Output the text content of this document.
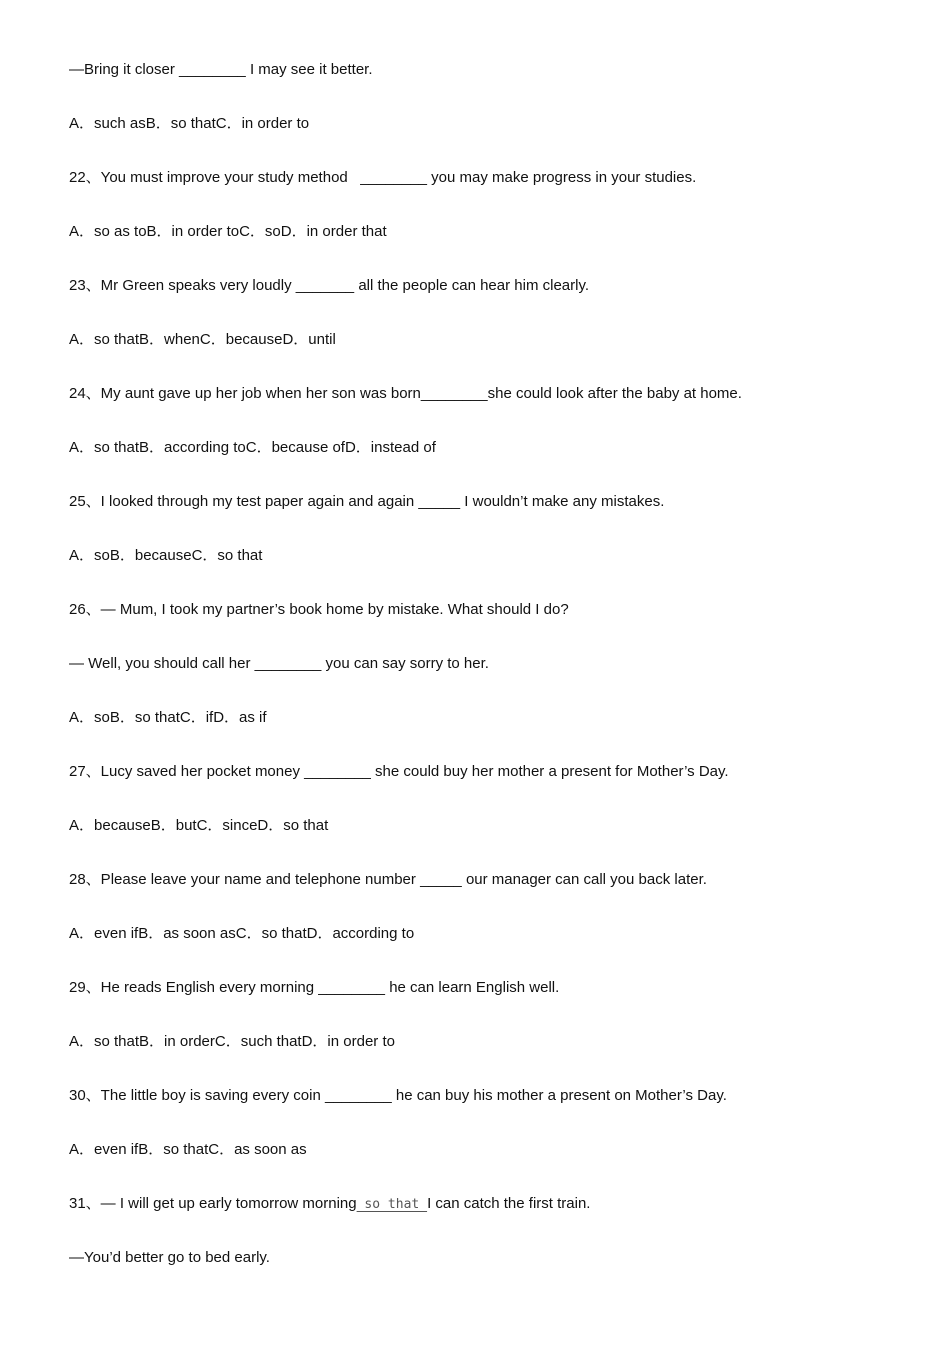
—Bring it closer ________ I may see it better.
A．such asB．so thatC．in order to
22、You must improve your study method   ________ you may make progress in your studies.
A．so as toB．in order toC．soD．in order that
23、Mr Green speaks very loudly _______ all the people can hear him clearly.
A．so thatB．whenC．becauseD．until
24、My aunt gave up her job when her son was born________she could look after the baby at home.
A．so thatB．according toC．because ofD．instead of
25、I looked through my test paper again and again _____ I wouldn’t make any mistakes.
A．soB．becauseC．so that
26、— Mum, I took my partner’s book home by mistake. What should I do?
— Well, you should call her ________ you can say sorry to her.
A．soB．so thatC．ifD．as if
27、Lucy saved her pocket money ________ she could buy her mother a present for Mother’s Day.
A．becauseB．butC．sinceD．so that
28、Please leave your name and telephone number _____ our manager can call you back later.
A．even ifB．as soon asC．so thatD．according to
29、He reads English every morning ________ he can learn English well.
A．so thatB．in orderC．such thatD．in order to
30、The little boy is saving every coin ________ he can buy his mother a present on Mother’s Day.
A．even ifB．so thatC．as soon as
31、— I will get up early tomorrow morning so that I can catch the first train.
—You’d better go to bed early.
